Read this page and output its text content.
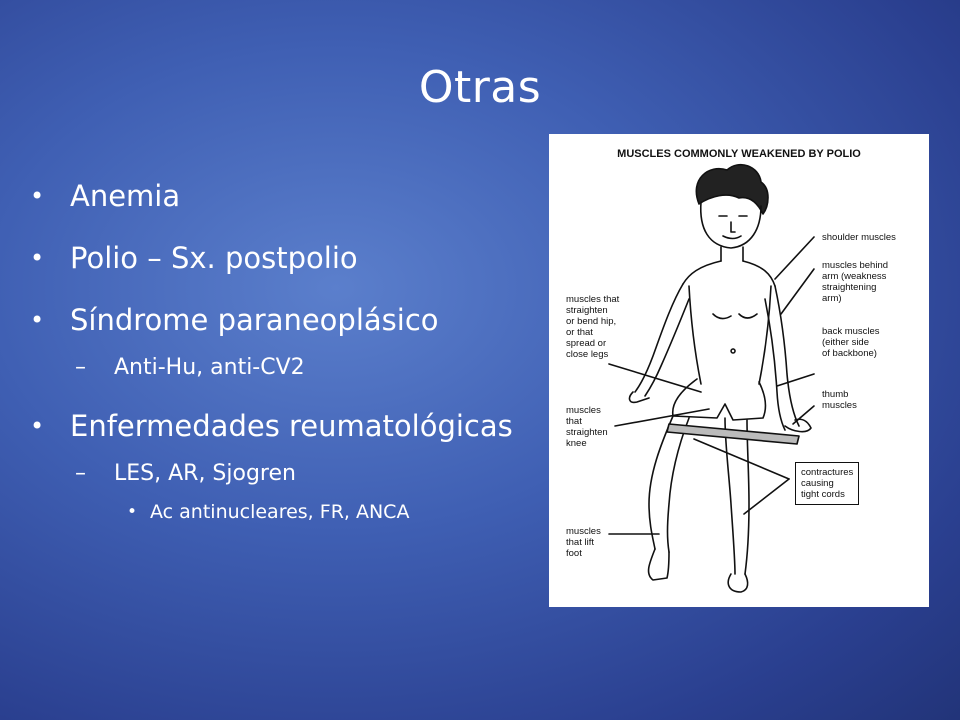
Otras
• Anemia
• Polio – Sx. postpolio
• Síndrome paraneoplásico
– Anti-Hu, anti-CV2
• Enfermedades reumatológicas
– LES, AR, Sjogren
• Ac antinucleares, FR, ANCA
MUSCLES COMMONLY WEAKENED BY POLIO
shoulder muscles
muscles behind
arm (weakness
straightening
arm)
muscles that
straighten
or bend hip,
or that
spread or
close legs
back muscles
(either side
of backbone)
thumb
muscles
muscles
that
straighten
knee
contractures
causing
tight cords
muscles
that lift
foot
